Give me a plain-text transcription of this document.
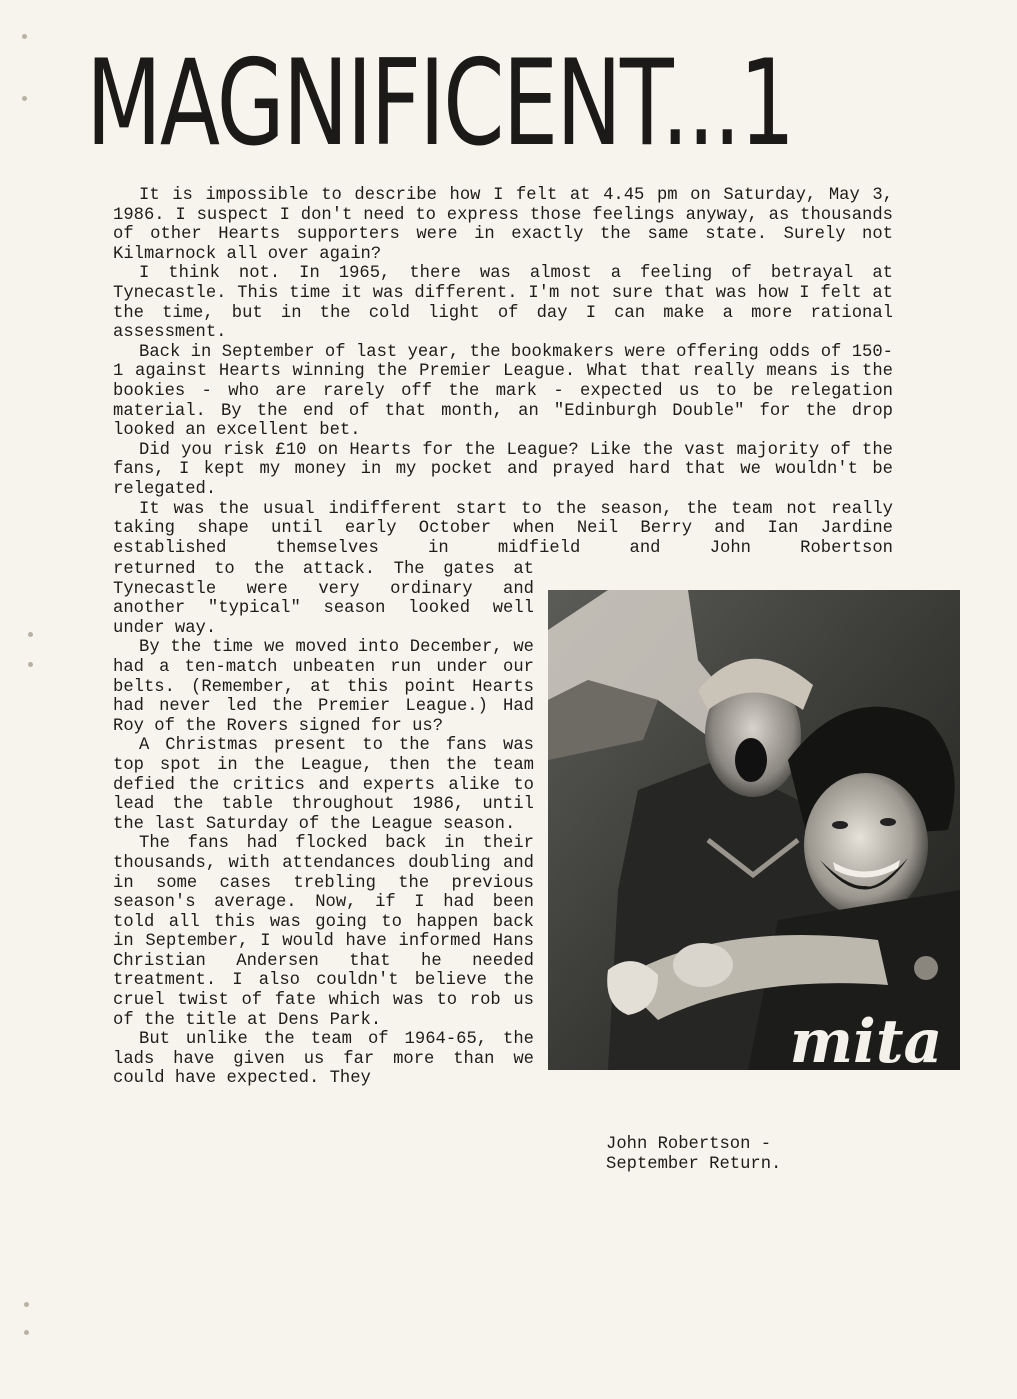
MAGNIFICENT...1

It is impossible to describe how I felt at 4.45 pm on Saturday, May 3, 1986. I suspect I don't need to express those feelings anyway, as thousands of other Hearts supporters were in exactly the same state. Surely not Kilmarnock all over again?

I think not. In 1965, there was almost a feeling of betrayal at Tynecastle. This time it was different. I'm not sure that was how I felt at the time, but in the cold light of day I can make a more rational assessment.

Back in September of last year, the bookmakers were offering odds of 150-1 against Hearts winning the Premier League. What that really means is the bookies - who are rarely off the mark - expected us to be relegation material. By the end of that month, an "Edinburgh Double" for the drop looked an excellent bet.

Did you risk £10 on Hearts for the League? Like the vast majority of the fans, I kept my money in my pocket and prayed hard that we wouldn't be relegated.

It was the usual indifferent start to the season, the team not really taking shape until early October when Neil Berry and Ian Jardine established themselves in midfield and John Robertson

returned to the attack. The gates at Tynecastle were very ordinary and another "typical" season looked well under way.

By the time we moved into December, we had a ten-match unbeaten run under our belts. (Remember, at this point Hearts had never led the Premier League.) Had Roy of the Rovers signed for us?

A Christmas present to the fans was top spot in the League, then the team defied the critics and experts alike to lead the table throughout 1986, until the last Saturday of the League season.

The fans had flocked back in their thousands, with attendances doubling and in some cases trebling the previous season's average. Now, if I had been told all this was going to happen back in September, I would have informed Hans Christian Andersen that he needed treatment. I also couldn't believe the cruel twist of fate which was to rob us of the title at Dens Park.

But unlike the team of 1964-65, the lads have given us far more than we could have expected. They

mita
John Robertson -
September Return.
